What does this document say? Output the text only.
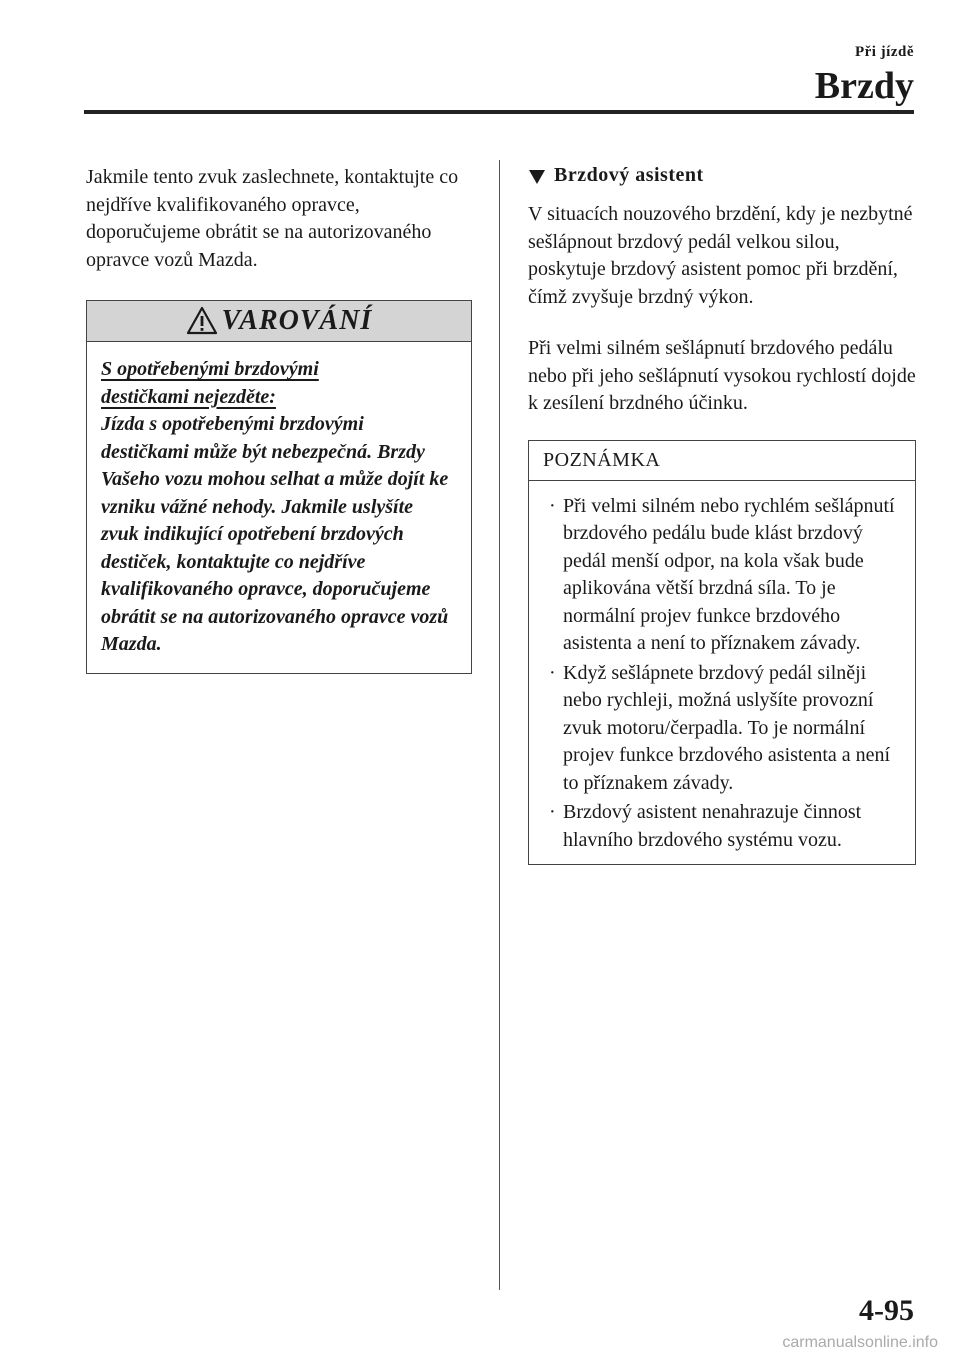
Při jízdě
Brzdy

Jakmile tento zvuk zaslechnete, kontaktujte co nejdříve kvalifikovaného opravce, doporučujeme obrátit se na autorizovaného opravce vozů Mazda.

VAROVÁNÍ
S opotřebenými brzdovými
destičkami nejezděte:

Jízda s opotřebenými brzdovými destičkami může být nebezpečná. Brzdy Vašeho vozu mohou selhat a může dojít ke vzniku vážné nehody. Jakmile uslyšíte zvuk indikující opotřebení brzdových destiček, kontaktujte co nejdříve kvalifikovaného opravce, doporučujeme obrátit se na autorizovaného opravce vozů Mazda.

Brzdový asistent

V situacích nouzového brzdění, kdy je nezbytné sešlápnout brzdový pedál velkou silou, poskytuje brzdový asistent pomoc při brzdění, čímž zvyšuje brzdný výkon.

Při velmi silném sešlápnutí brzdového pedálu nebo při jeho sešlápnutí vysokou rychlostí dojde k zesílení brzdného účinku.

POZNÁMKA
· Při velmi silném nebo rychlém sešlápnutí brzdového pedálu bude klást brzdový pedál menší odpor, na kola však bude aplikována větší brzdná síla. To je normální projev funkce brzdového asistenta a není to příznakem závady.
· Když sešlápnete brzdový pedál silněji nebo rychleji, možná uslyšíte provozní zvuk motoru/čerpadla. To je normální projev funkce brzdového asistenta a není to příznakem závady.
· Brzdový asistent nenahrazuje činnost hlavního brzdového systému vozu.
4-95
carmanualsonline.info
